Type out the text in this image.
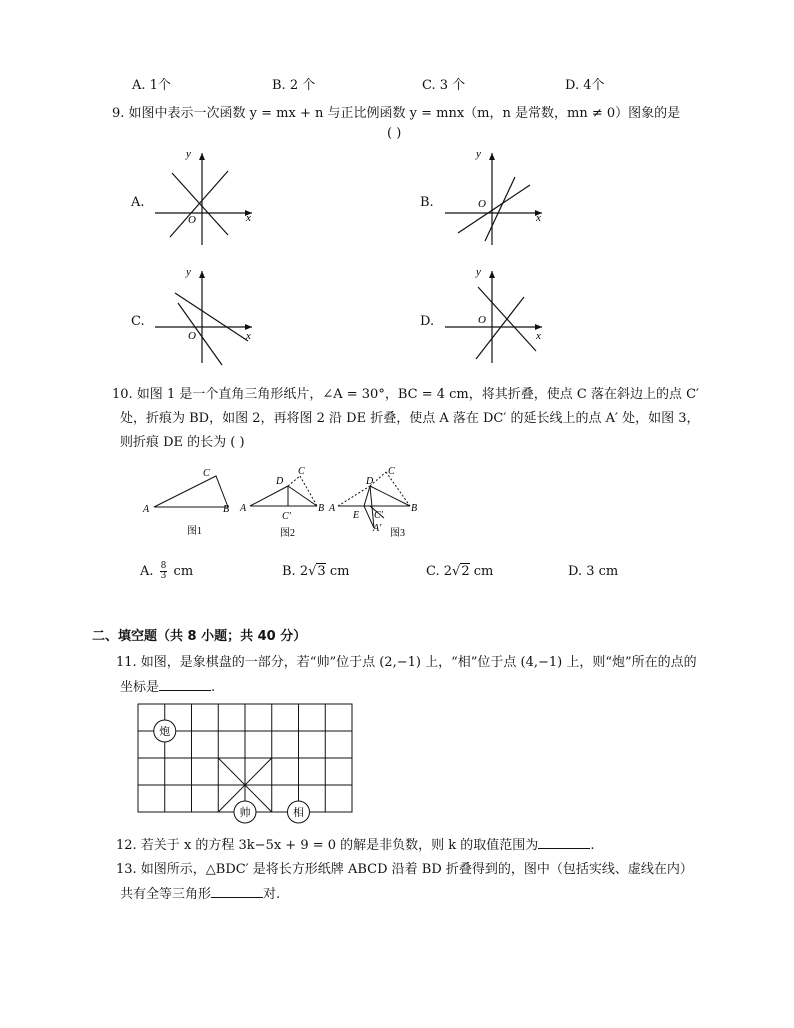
A. 1个	B. 2 个	C. 3 个	D. 4个
9. 如图中表示一次函数 y = mx + n 与正比例函数 y = mnx（m，n 是常数，mn ≠ 0）图象的是
( )
A.
y
x
O
B.
y
x
O
C.
y
x
O
D.
y
x
O
10. 如图 1 是一个直角三角形纸片，∠A = 30°，BC = 4 cm，将其折叠，使点 C 落在斜边上的点 C′
处，折痕为 BD，如图 2，再将图 2 沿 DE 折叠，使点 A 落在 DC′ 的延长线上的点 A′ 处，如图 3，
则折痕 DE 的长为 ( )
A
C
B
图1
A
D
C
B
C′
图2
A
D
C
B
E C′
A′ 图3
A. $\frac{8}{3}$ cm	B. 2√3 cm	C. 2√2 cm	D. 3 cm
二、填空题（共 8 小题；共 40 分）
11. 如图，是象棋盘的一部分，若“帅”位于点 (2,−1) 上，“相”位于点 (4,−1) 上，则“炮”所在的点的
坐标是	.
炮
帅	相
12. 若关于 x 的方程 3k−5x + 9 = 0 的解是非负数，则 k 的取值范围为	.
13. 如图所示，△BDC′ 是将长方形纸牌 ABCD 沿着 BD 折叠得到的，图中（包括实线、虚线在内）
共有全等三角形	对.
